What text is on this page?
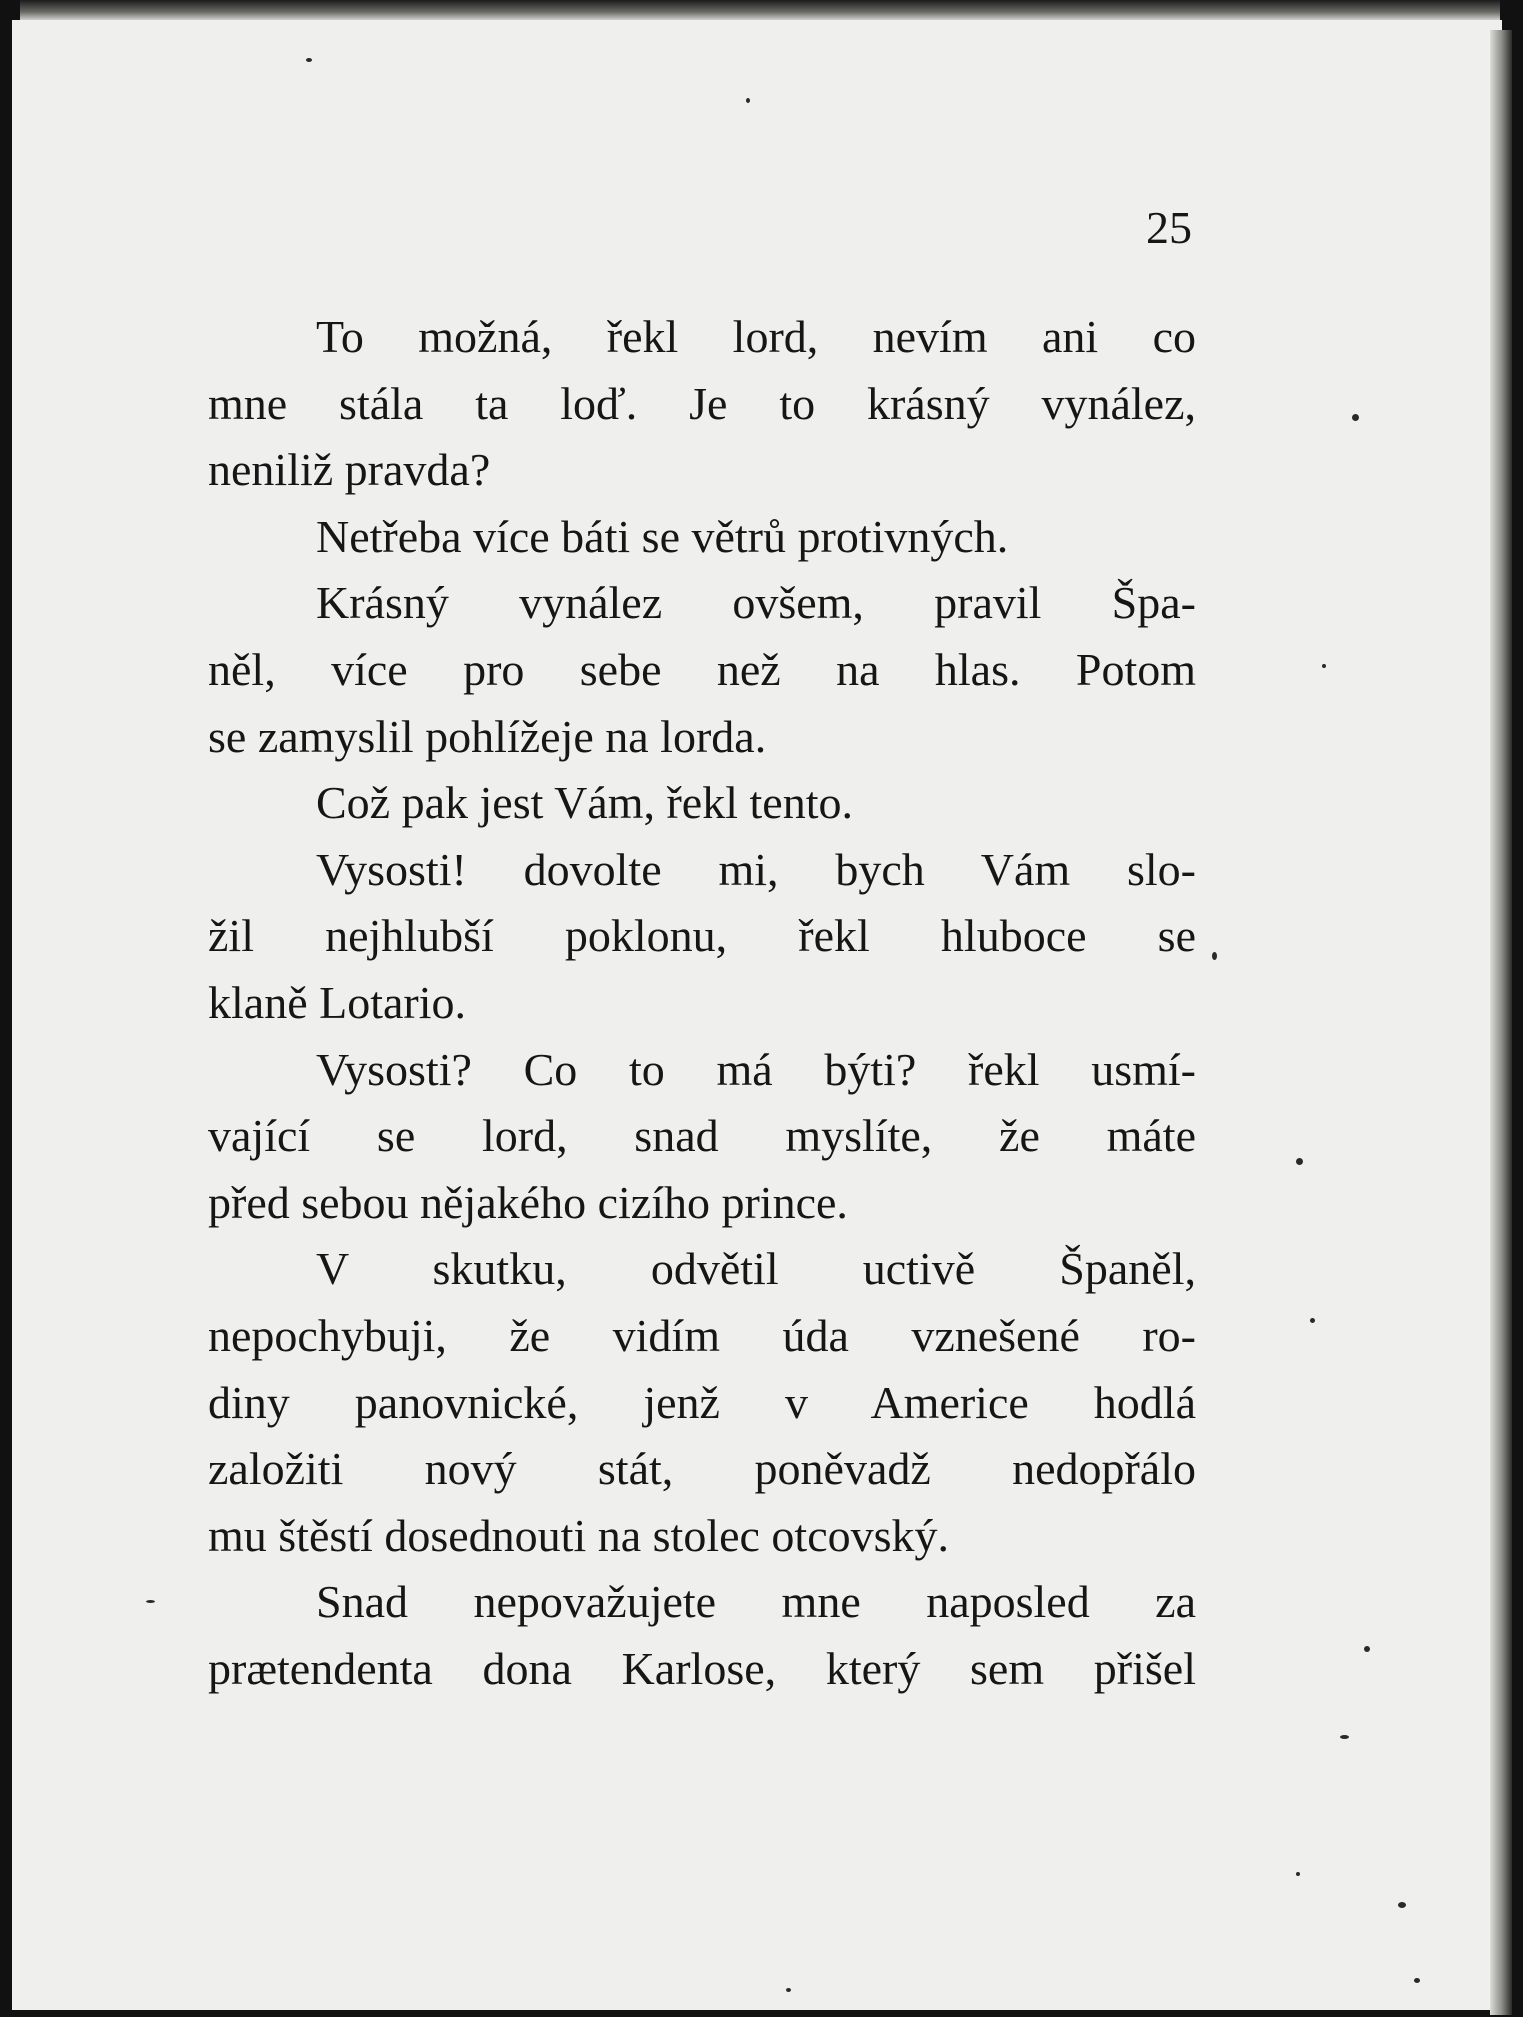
25
To možná, řekl lord, nevím ani co
mne stála ta loď. Je to krásný vynález,
neniliž pravda?
Netřeba více báti se větrů protivných.
Krásný vynález ovšem, pravil Špa-
něl, více pro sebe než na hlas. Potom
se zamyslil pohlížeje na lorda.
Což pak jest Vám, řekl tento.
Vysosti! dovolte mi, bych Vám slo-
žil nejhlubší poklonu, řekl hluboce se
klaně Lotario.
Vysosti? Co to má býti? řekl usmí-
vající se lord, snad myslíte, že máte
před sebou nějakého cizího prince.
V skutku, odvětil uctivě Španěl,
nepochybuji, že vidím úda vznešené ro-
diny panovnické, jenž v Americe hodlá
založiti nový stát, poněvadž nedopřálo
mu štěstí dosednouti na stolec otcovský.
Snad nepovažujete mne naposled za
prætendenta dona Karlose, který sem přišel
